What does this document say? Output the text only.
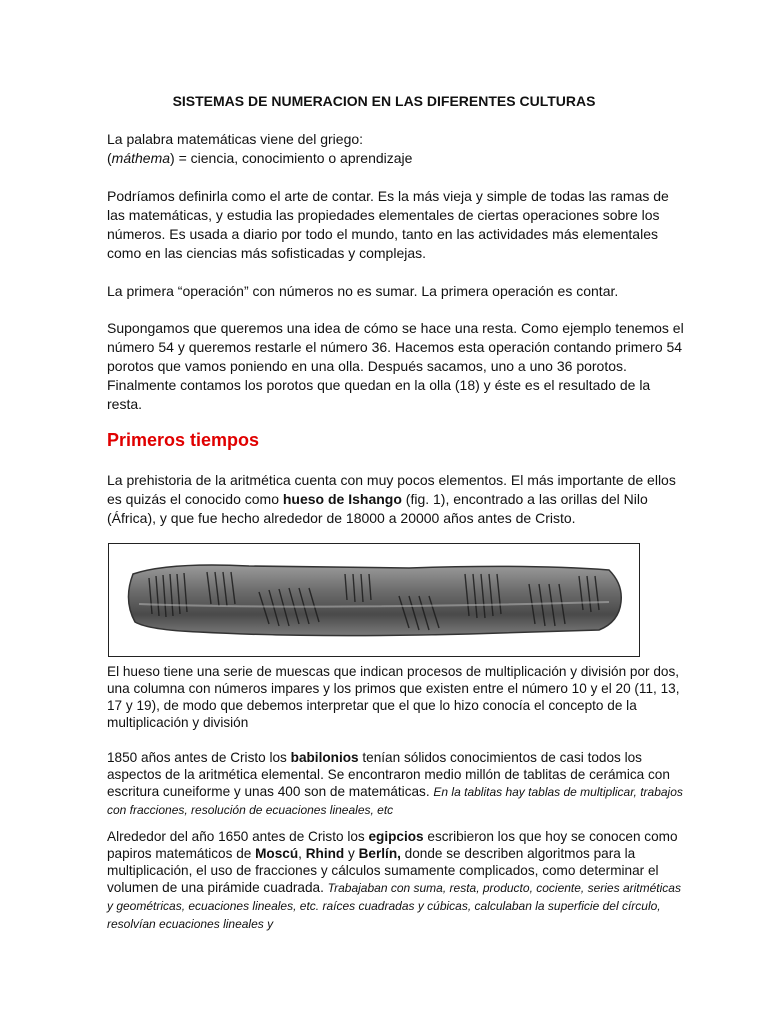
SISTEMAS DE NUMERACION EN LAS DIFERENTES CULTURAS
La palabra matemáticas viene del griego:
(máthema) = ciencia, conocimiento o aprendizaje
Podríamos definirla como el arte de contar. Es la más vieja y simple de todas las ramas de las matemáticas, y estudia las propiedades elementales de ciertas operaciones sobre los números. Es usada a diario por todo el mundo, tanto en las actividades más elementales como en las ciencias más sofisticadas y complejas.
La primera “operación” con números no es sumar. La primera operación es contar.
Supongamos que queremos una idea de cómo se hace una resta. Como ejemplo tenemos el número 54 y queremos restarle el número 36. Hacemos esta operación contando primero 54 porotos que vamos poniendo en una olla. Después sacamos, uno a uno 36 porotos. Finalmente contamos los porotos que quedan en la olla (18) y éste es el resultado de la resta.
Primeros tiempos
La prehistoria de la aritmética cuenta con muy pocos elementos. El más importante de ellos es quizás el conocido como hueso de Ishango (fig. 1), encontrado a las orillas del Nilo (África), y que fue hecho alrededor de 18000 a 20000 años antes de Cristo.
El hueso tiene una serie de muescas que indican procesos de multiplicación y división por dos, una columna con números impares y los primos que existen entre el número 10 y el 20 (11, 13, 17 y 19), de modo que debemos interpretar que el que lo hizo conocía el concepto de la multiplicación y división
1850 años antes de Cristo los babilonios tenían sólidos conocimientos de casi todos los aspectos de la aritmética elemental. Se encontraron medio millón de tablitas de cerámica con escritura cuneiforme y unas 400 son de matemáticas. En la tablitas hay tablas de multiplicar, trabajos con fracciones, resolución de ecuaciones lineales, etc
Alrededor del año 1650 antes de Cristo los egipcios escribieron los que hoy se conocen como papiros matemáticos de Moscú, Rhind y Berlín, donde se describen algoritmos para la multiplicación, el uso de fracciones y cálculos sumamente complicados, como determinar el volumen de una pirámide cuadrada. Trabajaban con suma, resta, producto, cociente, series aritméticas y geométricas, ecuaciones lineales, etc. raíces cuadradas y cúbicas, calculaban la superficie del círculo, resolvían ecuaciones lineales y
